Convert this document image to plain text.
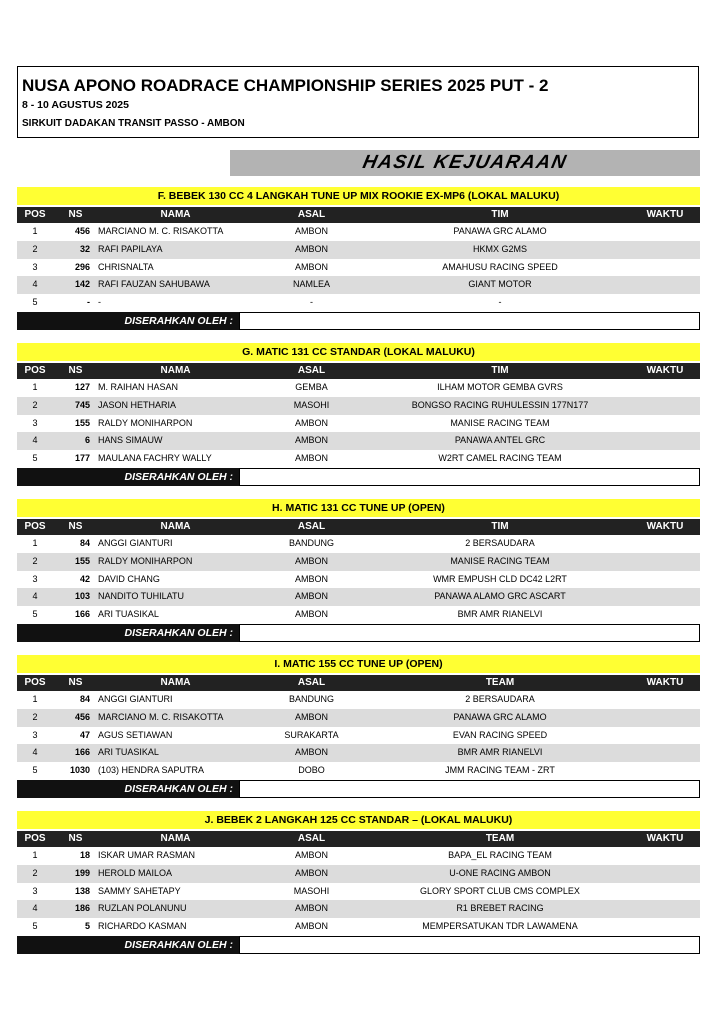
NUSA APONO ROADRACE CHAMPIONSHIP SERIES 2025 PUT - 2
8 - 10 AGUSTUS 2025
SIRKUIT DADAKAN TRANSIT PASSO - AMBON
HASIL KEJUARAAN
F. BEBEK 130 CC 4 LANGKAH TUNE UP MIX ROOKIE EX-MP6 (LOKAL MALUKU)
POS	NS	NAMA	ASAL	TIM	WAKTU
1	456 MARCIANO M. C. RISAKOTTA	AMBON	PANAWA GRC ALAMO
2	32 RAFI PAPILAYA	AMBON	HKMX G2MS
3	296 CHRISNALTA	AMBON	AMAHUSU RACING SPEED
4	142 RAFI FAUZAN SAHUBAWA	NAMLEA	GIANT MOTOR
5	- -	-	-
DISERAHKAN OLEH :
G. MATIC 131 CC STANDAR (LOKAL MALUKU)
POS	NS	NAMA	ASAL	TIM	WAKTU
1	127 M. RAIHAN HASAN	GEMBA	ILHAM MOTOR GEMBA GVRS
2	745 JASON HETHARIA	MASOHI	BONGSO RACING RUHULESSIN 177N177
3	155 RALDY MONIHARPON	AMBON	MANISE RACING TEAM
4	6 HANS SIMAUW	AMBON	PANAWA ANTEL GRC
5	177 MAULANA FACHRY WALLY	AMBON	W2RT CAMEL RACING TEAM
DISERAHKAN OLEH :
H. MATIC 131 CC TUNE UP (OPEN)
POS	NS	NAMA	ASAL	TIM	WAKTU
1	84 ANGGI GIANTURI	BANDUNG	2 BERSAUDARA
2	155 RALDY MONIHARPON	AMBON	MANISE RACING TEAM
3	42 DAVID CHANG	AMBON	WMR EMPUSH CLD DC42 L2RT
4	103 NANDITO TUHILATU	AMBON	PANAWA ALAMO GRC ASCART
5	166 ARI TUASIKAL	AMBON	BMR AMR RIANELVI
DISERAHKAN OLEH :
I. MATIC 155 CC TUNE UP (OPEN)
POS	NS	NAMA	ASAL	TEAM	WAKTU
1	84 ANGGI GIANTURI	BANDUNG	2 BERSAUDARA
2	456 MARCIANO M. C. RISAKOTTA	AMBON	PANAWA GRC ALAMO
3	47 AGUS SETIAWAN	SURAKARTA	EVAN RACING SPEED
4	166 ARI TUASIKAL	AMBON	BMR AMR RIANELVI
5	1030 (103) HENDRA SAPUTRA	DOBO	JMM RACING TEAM - ZRT
DISERAHKAN OLEH :
J. BEBEK 2 LANGKAH 125 CC STANDAR – (LOKAL MALUKU)
POS	NS	NAMA	ASAL	TEAM	WAKTU
1	18 ISKAR UMAR RASMAN	AMBON	BAPA_EL RACING TEAM
2	199 HEROLD MAILOA	AMBON	U-ONE RACING AMBON
3	138 SAMMY SAHETAPY	MASOHI	GLORY SPORT CLUB CMS COMPLEX
4	186 RUZLAN POLANUNU	AMBON	R1 BREBET RACING
5	5 RICHARDO KASMAN	AMBON	MEMPERSATUKAN TDR LAWAMENA
DISERAHKAN OLEH :
